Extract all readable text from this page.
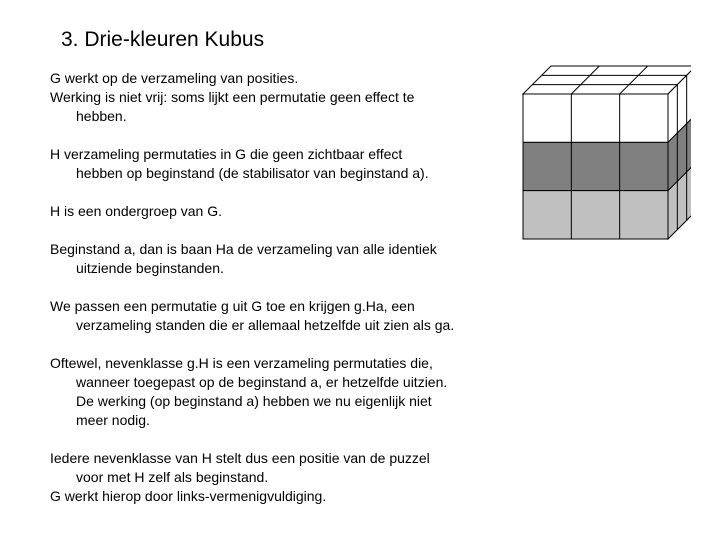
3. Drie-kleuren Kubus
G werkt op de verzameling van posities.
Werking is niet vrij: soms lijkt een permutatie geen effect te
hebben.
H verzameling permutaties in G die geen zichtbaar effect
hebben op beginstand (de stabilisator van beginstand a).
H is een ondergroep van G.
Beginstand a, dan is baan Ha de verzameling van alle identiek
uitziende beginstanden.
We passen een permutatie g uit G toe en krijgen g.Ha, een
verzameling standen die er allemaal hetzelfde uit zien als ga.
Oftewel, nevenklasse g.H is een verzameling permutaties die,
wanneer toegepast op de beginstand a, er hetzelfde uitzien.
De werking (op beginstand a) hebben we nu eigenlijk niet
meer nodig.
Iedere nevenklasse van H stelt dus een positie van de puzzel
voor met H zelf als beginstand.
G werkt hierop door links-vermenigvuldiging.
